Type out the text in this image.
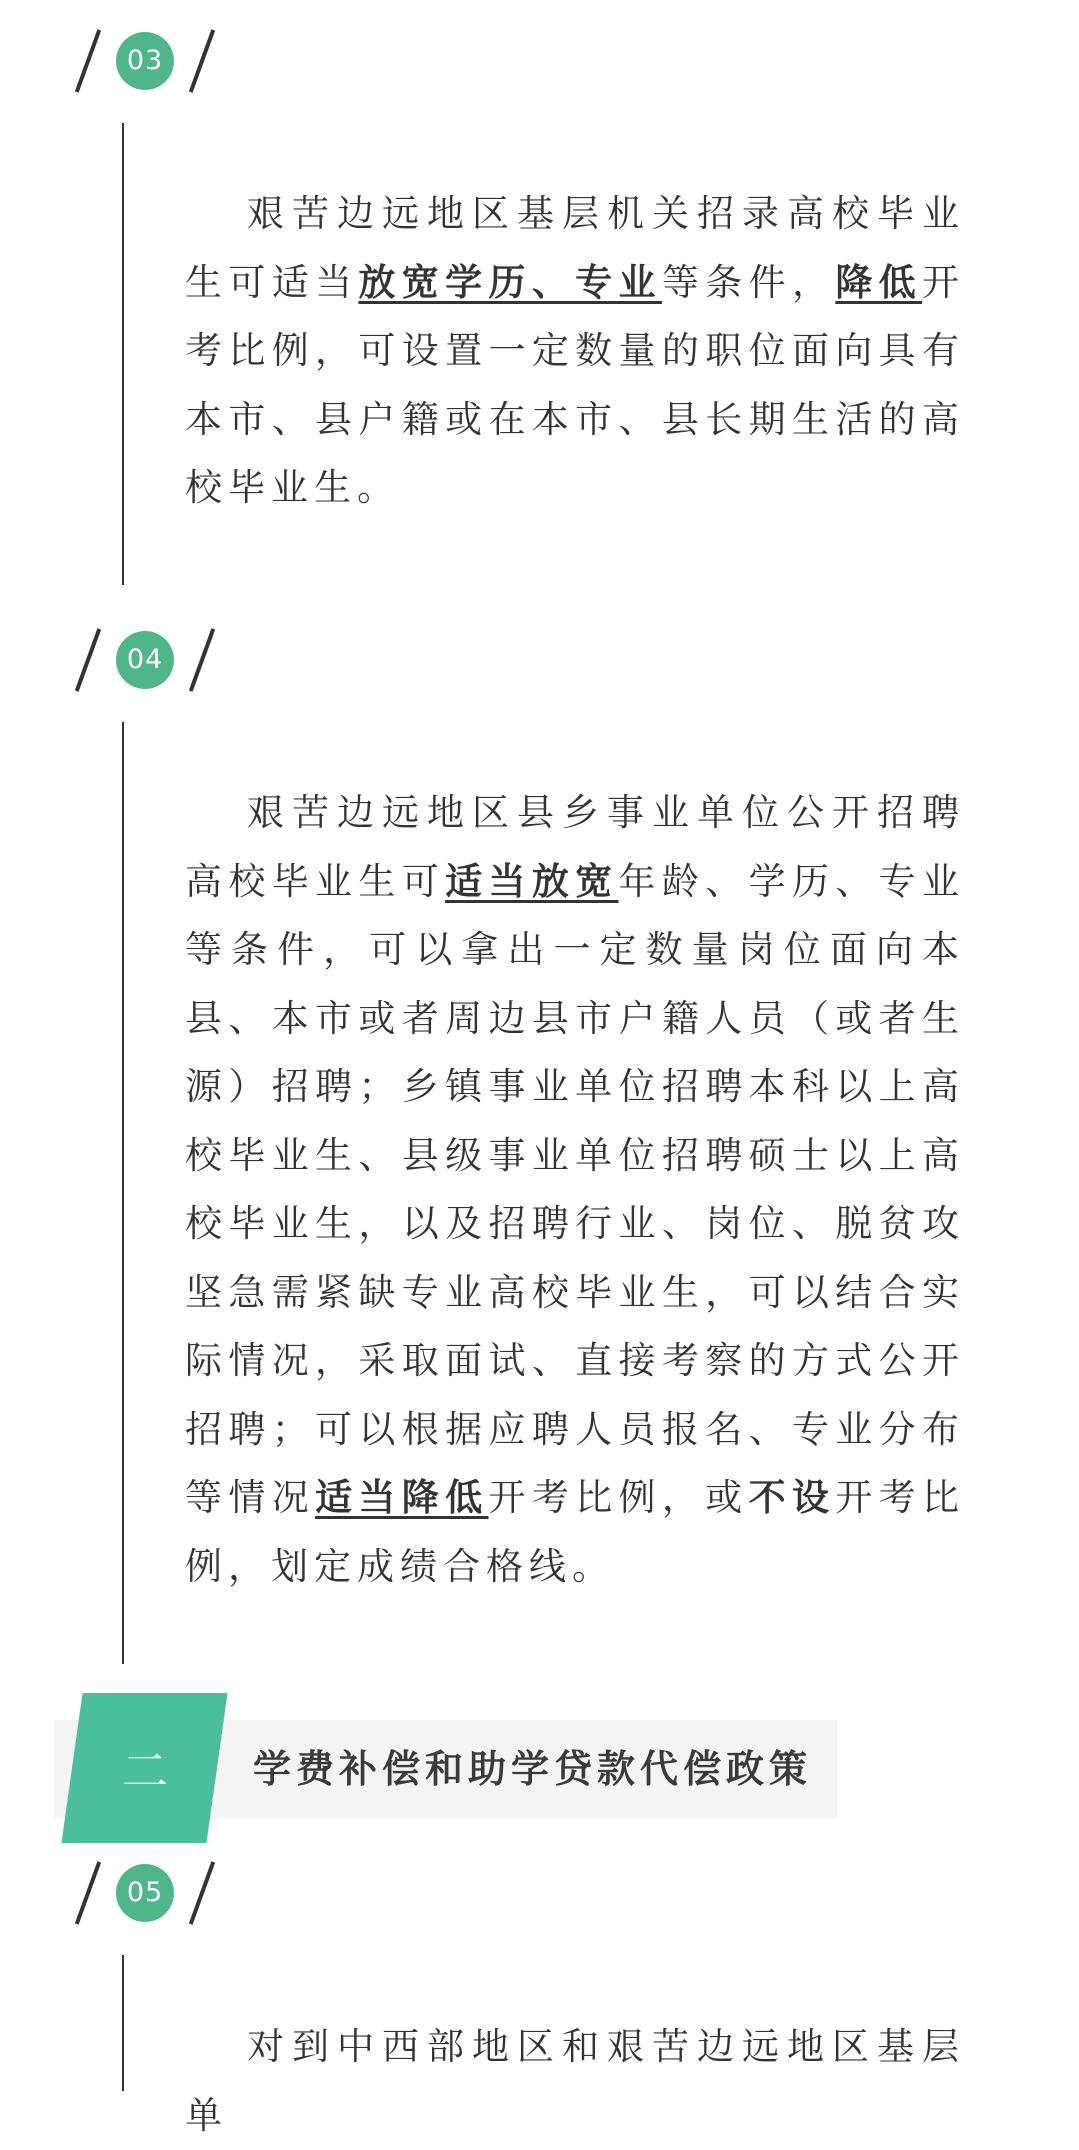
03

艰苦边远地区基层机关招录高校毕业生可适当放宽学历、专业等条件，降低开考比例，可设置一定数量的职位面向具有本市、县户籍或在本市、县长期生活的高校毕业生。

04

艰苦边远地区县乡事业单位公开招聘高校毕业生可适当放宽年龄、学历、专业等条件，可以拿出一定数量岗位面向本县、本市或者周边县市户籍人员（或者生源）招聘；乡镇事业单位招聘本科以上高校毕业生、县级事业单位招聘硕士以上高校毕业生，以及招聘行业、岗位、脱贫攻坚急需紧缺专业高校毕业生，可以结合实际情况，采取面试、直接考察的方式公开招聘；可以根据应聘人员报名、专业分布等情况适当降低开考比例，或不设开考比例，划定成绩合格线。

二 学费补偿和助学贷款代偿政策
05

对到中西部地区和艰苦边远地区基层单
